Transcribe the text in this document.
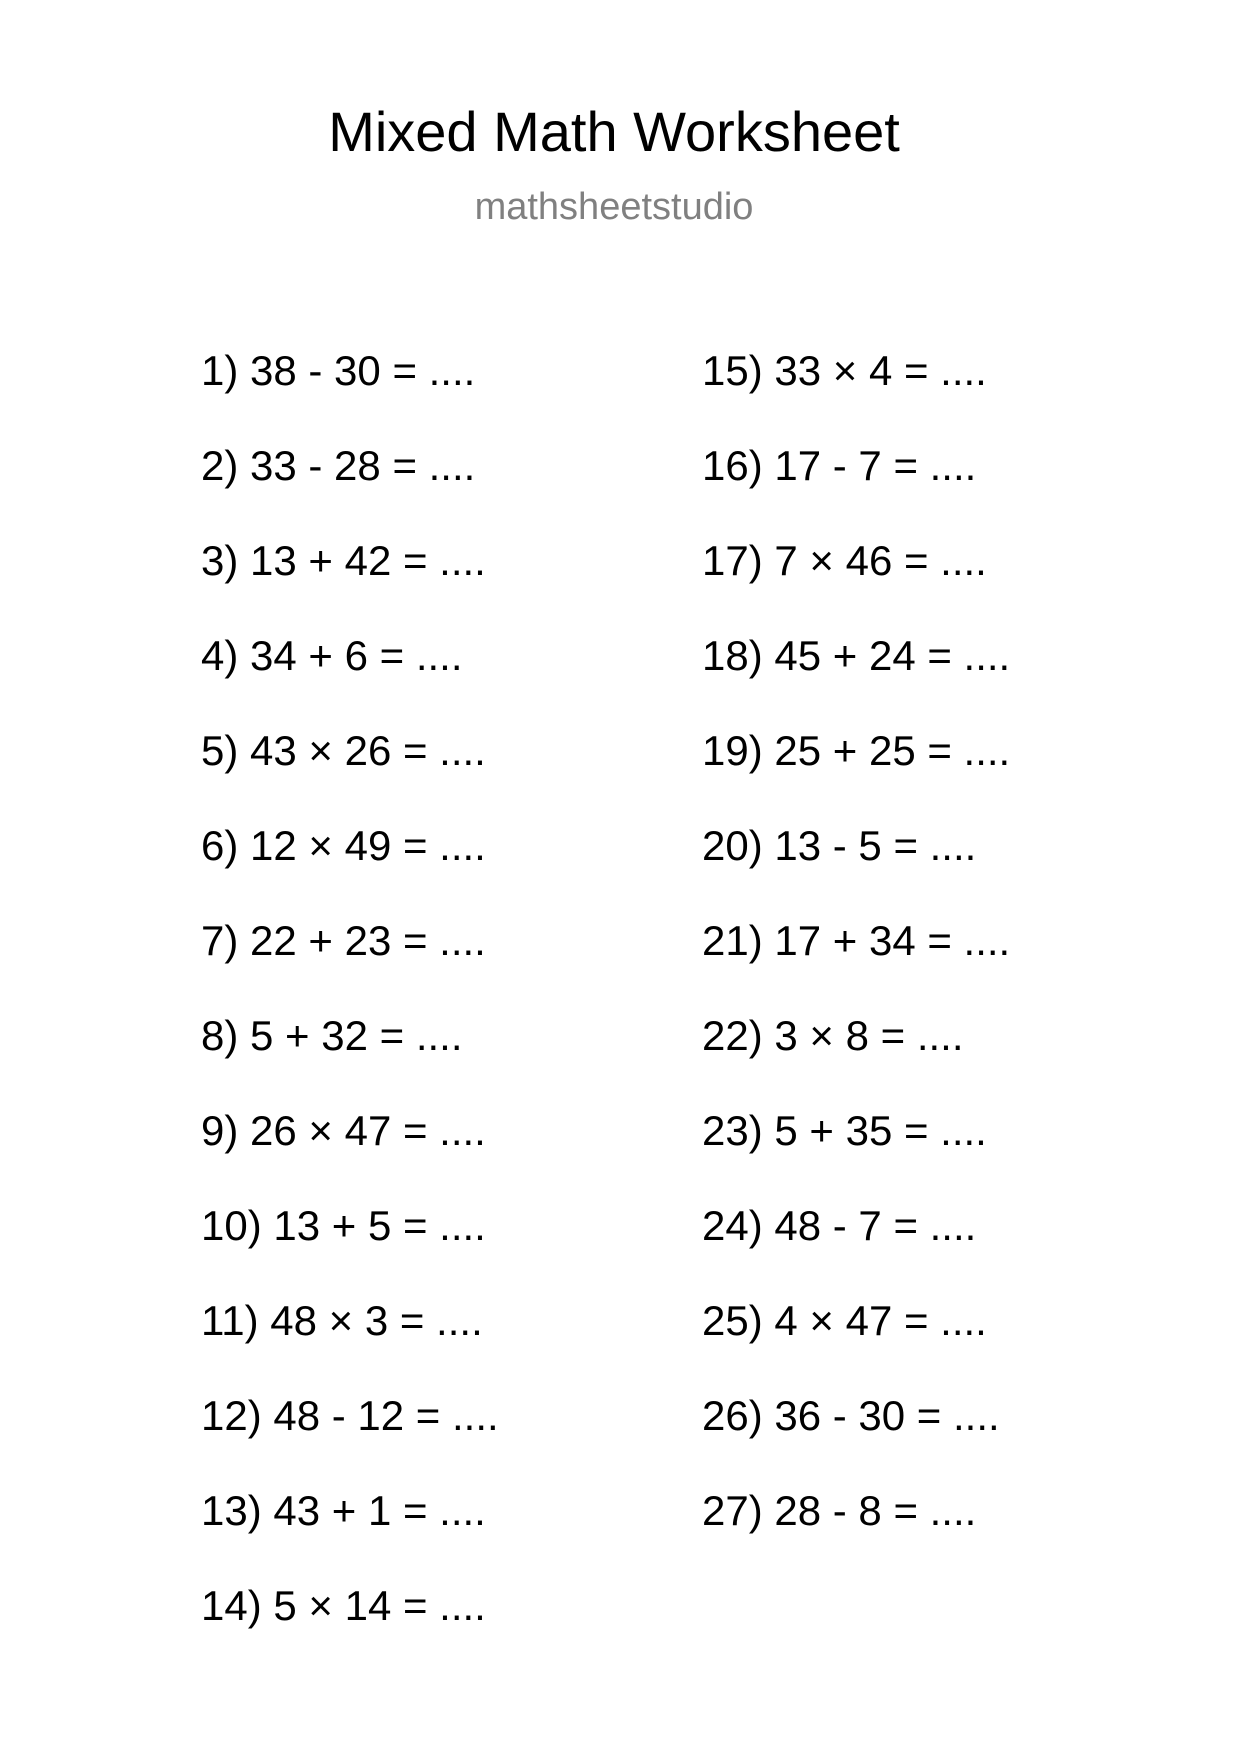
Mixed Math Worksheet
mathsheetstudio
1) 38 - 30 = ....
2) 33 - 28 = ....
3) 13 + 42 = ....
4) 34 + 6 = ....
5) 43 × 26 = ....
6) 12 × 49 = ....
7) 22 + 23 = ....
8) 5 + 32 = ....
9) 26 × 47 = ....
10) 13 + 5 = ....
11) 48 × 3 = ....
12) 48 - 12 = ....
13) 43 + 1 = ....
14) 5 × 14 = ....
15) 33 × 4 = ....
16) 17 - 7 = ....
17) 7 × 46 = ....
18) 45 + 24 = ....
19) 25 + 25 = ....
20) 13 - 5 = ....
21) 17 + 34 = ....
22) 3 × 8 = ....
23) 5 + 35 = ....
24) 48 - 7 = ....
25) 4 × 47 = ....
26) 36 - 30 = ....
27) 28 - 8 = ....
